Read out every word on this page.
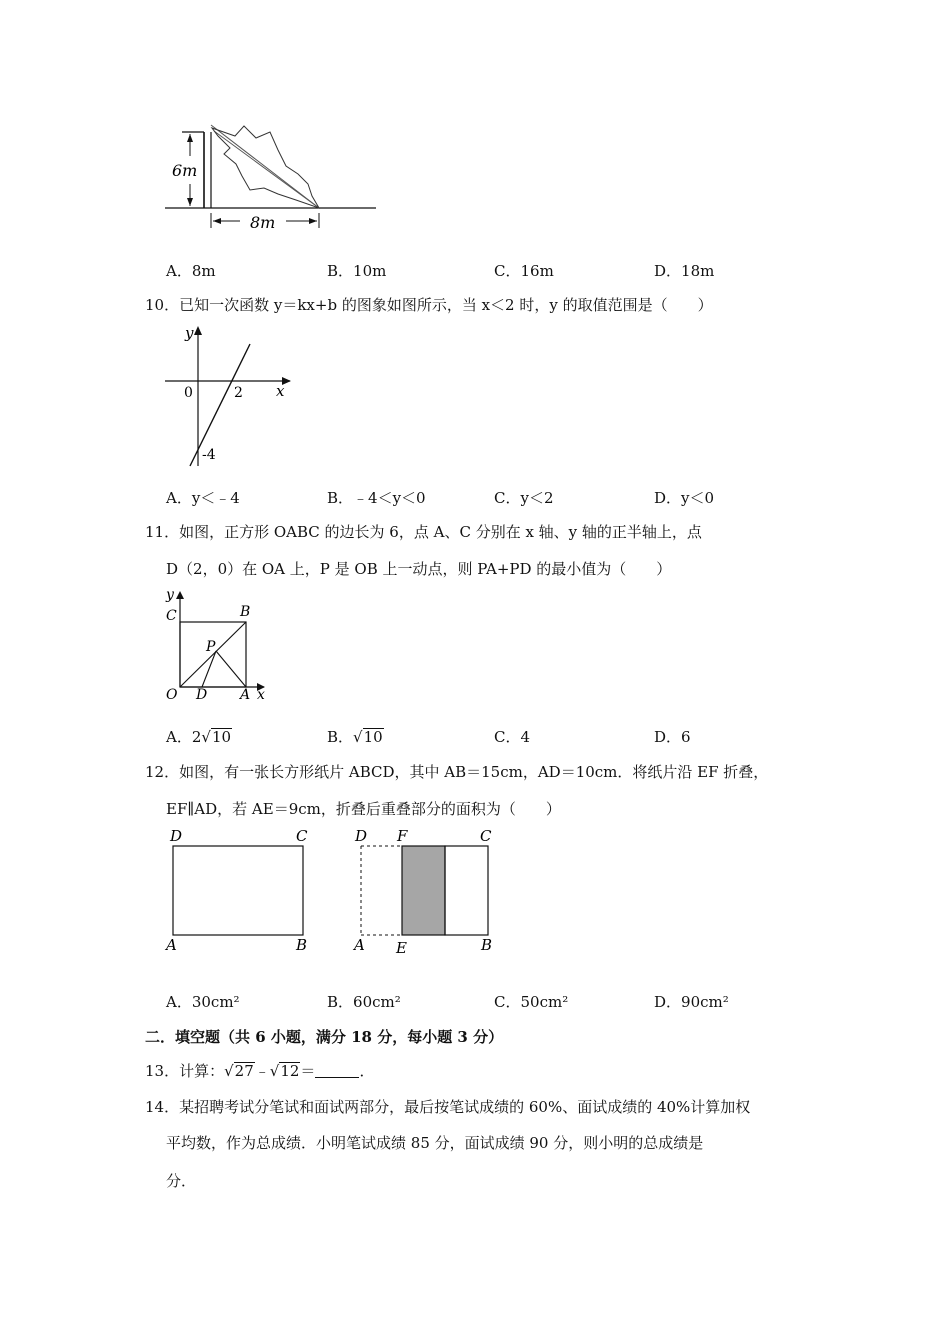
6m
8m
A．8m	B．10m	C．16m	D．18m
10．已知一次函数 y＝kx+b 的图象如图所示，当 x＜2 时，y 的取值范围是（　　）
y
x
0	2
-4
A．y＜﹣4	B．﹣4＜y＜0	C．y＜2	D．y＜0
11．如图，正方形 OABC 的边长为 6，点 A、C 分别在 x 轴、y 轴的正半轴上，点
D（2，0）在 OA 上，P 是 OB 上一动点，则 PA+PD 的最小值为（　　）
y
C	B
P
O D A x
A．2√10	B．√10	C．4	D．6
12．如图，有一张长方形纸片 ABCD，其中 AB＝15cm，AD＝10cm．将纸片沿 EF 折叠，
EF∥AD，若 AE＝9cm，折叠后重叠部分的面积为（　　）
D	C
A	B
D F	C
A E	B
A．30cm²	B．60cm²	C．50cm²	D．90cm²
二．填空题（共 6 小题，满分 18 分，每小题 3 分）
13．计算：√27﹣√12＝	．
14．某招聘考试分笔试和面试两部分，最后按笔试成绩的 60%、面试成绩的 40%计算加权
平均数，作为总成绩．小明笔试成绩 85 分，面试成绩 90 分，则小明的总成绩是
分．
